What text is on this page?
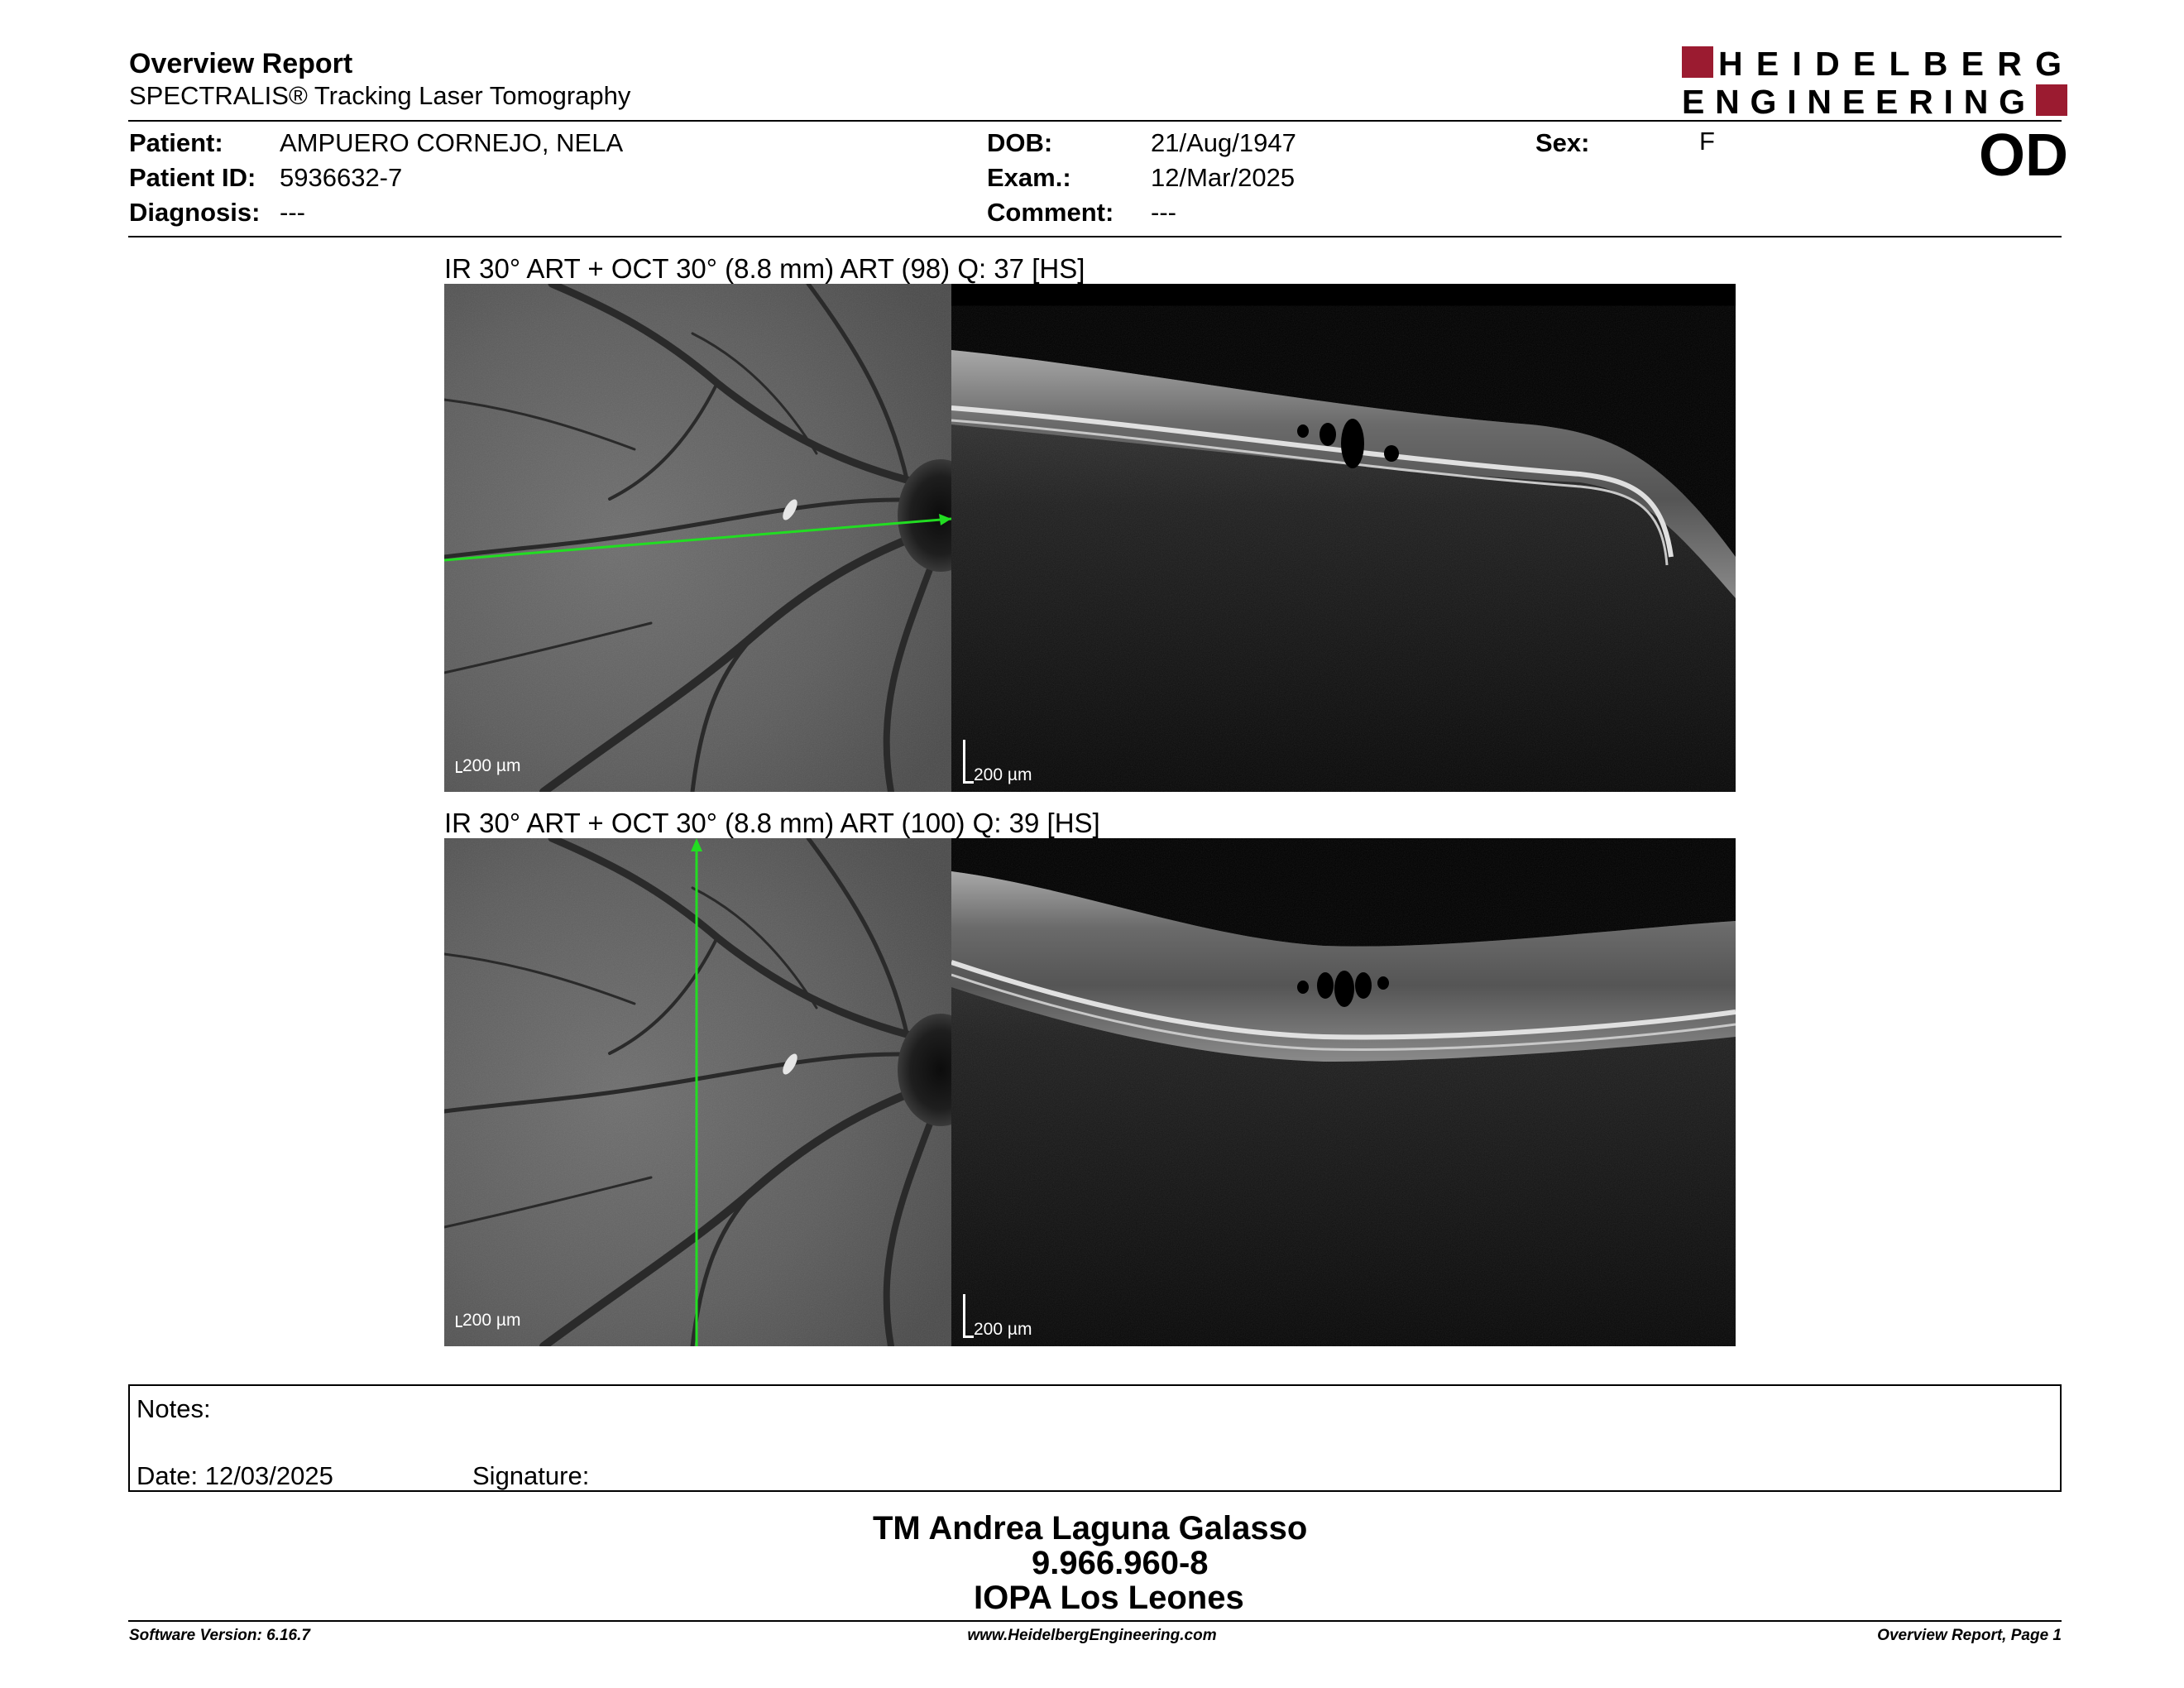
Overview Report
SPECTRALIS® Tracking Laser Tomography
HEIDELBERG
ENGINEERING
Patient: AMPUERO CORNEJO, NELA
Patient ID: 5936632-7
Diagnosis: ---
DOB:	21/Aug/1947
Exam.:	12/Mar/2025
Comment: ---
Sex:	F	OD
IR 30° ART + OCT 30° (8.8 mm) ART (98) Q: 37 [HS]
200 µm	200 µm
IR 30° ART + OCT 30° (8.8 mm) ART (100) Q: 39 [HS]
200 µm	200 µm
Notes:
Date: 12/03/2025	Signature:
TM Andrea Laguna Galasso
9.966.960-8
IOPA Los Leones
Software Version: 6.16.7	www.HeidelbergEngineering.com	Overview Report, Page 1
